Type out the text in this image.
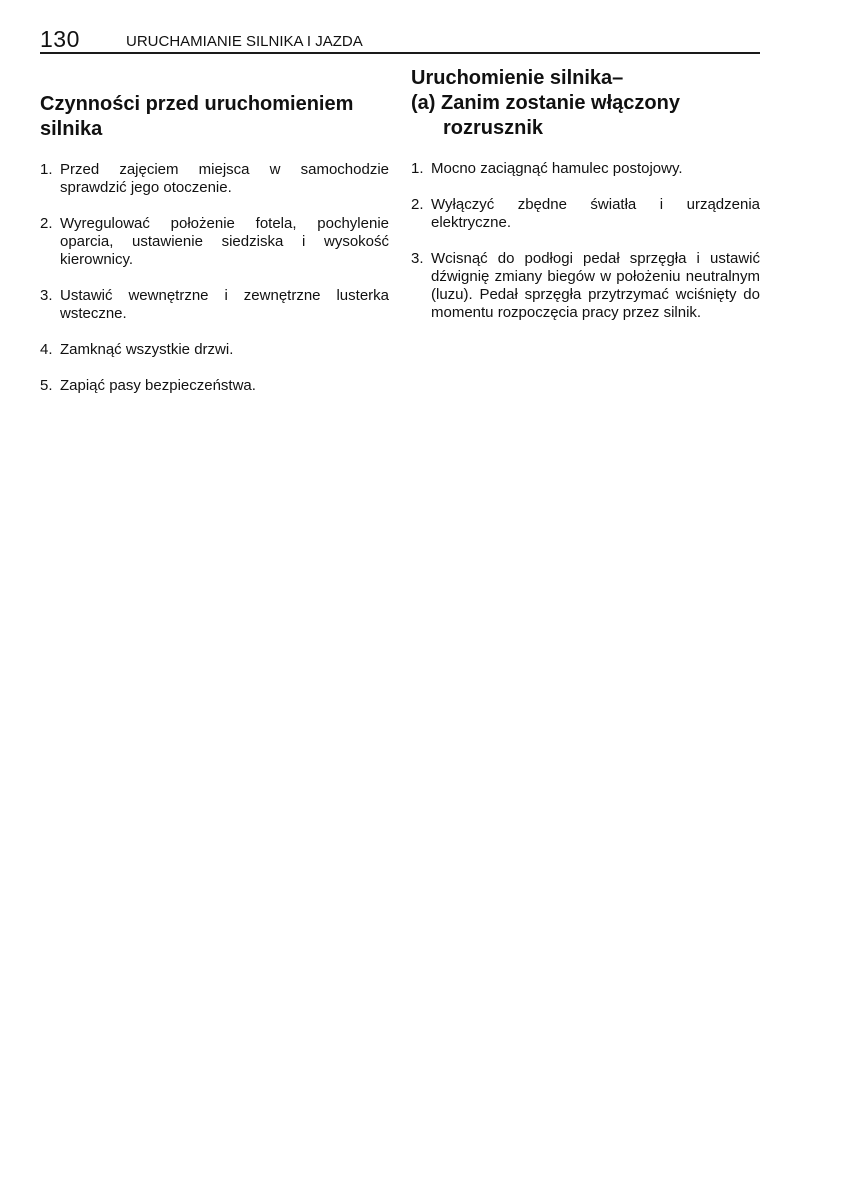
130	URUCHAMIANIE SILNIKA I JAZDA
Czynności przed uruchomieniem
silnika
1. Przed zajęciem miejsca w samochodzie sprawdzić jego otoczenie.
2. Wyregulować położenie fotela, pochylenie oparcia, ustawienie siedziska i wysokość kierownicy.
3. Ustawić wewnętrzne i zewnętrzne lusterka wsteczne.
4. Zamknąć wszystkie drzwi.
5. Zapiąć pasy bezpieczeństwa.
Uruchomienie silnika–
(a) Zanim zostanie włączony
rozrusznik
1. Mocno zaciągnąć hamulec postojowy.
2. Wyłączyć zbędne światła i urządzenia elektryczne.
3. Wcisnąć do podłogi pedał sprzęgła i ustawić dźwignię zmiany biegów w położeniu neutralnym (luzu). Pedał sprzęgła przytrzymać wciśnięty do momentu rozpoczęcia pracy przez silnik.
